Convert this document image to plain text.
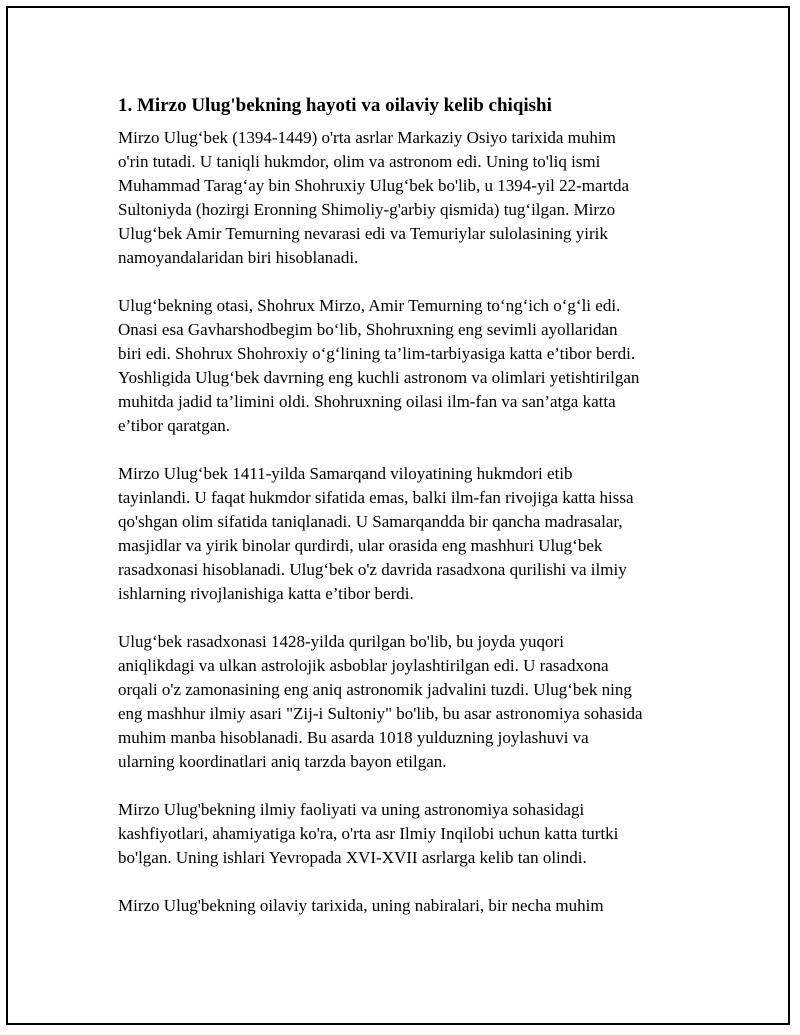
1. Mirzo Ulug'bekning hayoti va oilaviy kelib chiqishi
Mirzo Ulug‘bek (1394-1449) o'rta asrlar Markaziy Osiyo tarixida muhim
o'rin tutadi. U taniqli hukmdor, olim va astronom edi. Uning to'liq ismi
Muhammad Tarag‘ay bin Shohruxiy Ulug‘bek bo'lib, u 1394-yil 22-martda
Sultoniyda (hozirgi Eronning Shimoliy-g'arbiy qismida) tug‘ilgan. Mirzo
Ulug‘bek Amir Temurning nevarasi edi va Temuriylar sulolasining yirik
namoyandalaridan biri hisoblanadi.
Ulug‘bekning otasi, Shohrux Mirzo, Amir Temurning to‘ng‘ich o‘g‘li edi.
Onasi esa Gavharshodbegim bo‘lib, Shohruxning eng sevimli ayollaridan
biri edi. Shohrux Shohroxiy o‘g‘lining ta’lim-tarbiyasiga katta e’tibor berdi.
Yoshligida Ulug‘bek davrning eng kuchli astronom va olimlari yetishtirilgan
muhitda jadid ta’limini oldi. Shohruxning oilasi ilm-fan va san’atga katta
e’tibor qaratgan.
Mirzo Ulug‘bek 1411-yilda Samarqand viloyatining hukmdori etib
tayinlandi. U faqat hukmdor sifatida emas, balki ilm-fan rivojiga katta hissa
qo'shgan olim sifatida taniqlanadi. U Samarqandda bir qancha madrasalar,
masjidlar va yirik binolar qurdirdi, ular orasida eng mashhuri Ulug‘bek
rasadxonasi hisoblanadi. Ulug‘bek o'z davrida rasadxona qurilishi va ilmiy
ishlarning rivojlanishiga katta e’tibor berdi.
Ulug‘bek rasadxonasi 1428-yilda qurilgan bo'lib, bu joyda yuqori
aniqlikdagi va ulkan astrolojik asboblar joylashtirilgan edi. U rasadxona
orqali o'z zamonasining eng aniq astronomik jadvalini tuzdi. Ulug‘bek ning
eng mashhur ilmiy asari "Zij-i Sultoniy" bo'lib, bu asar astronomiya sohasida
muhim manba hisoblanadi. Bu asarda 1018 yulduzning joylashuvi va
ularning koordinatlari aniq tarzda bayon etilgan.
Mirzo Ulug'bekning ilmiy faoliyati va uning astronomiya sohasidagi
kashfiyotlari, ahamiyatiga ko'ra, o'rta asr Ilmiy Inqilobi uchun katta turtki
bo'lgan. Uning ishlari Yevropada XVI-XVII asrlarga kelib tan olindi.
Mirzo Ulug'bekning oilaviy tarixida, uning nabiralari, bir necha muhim
